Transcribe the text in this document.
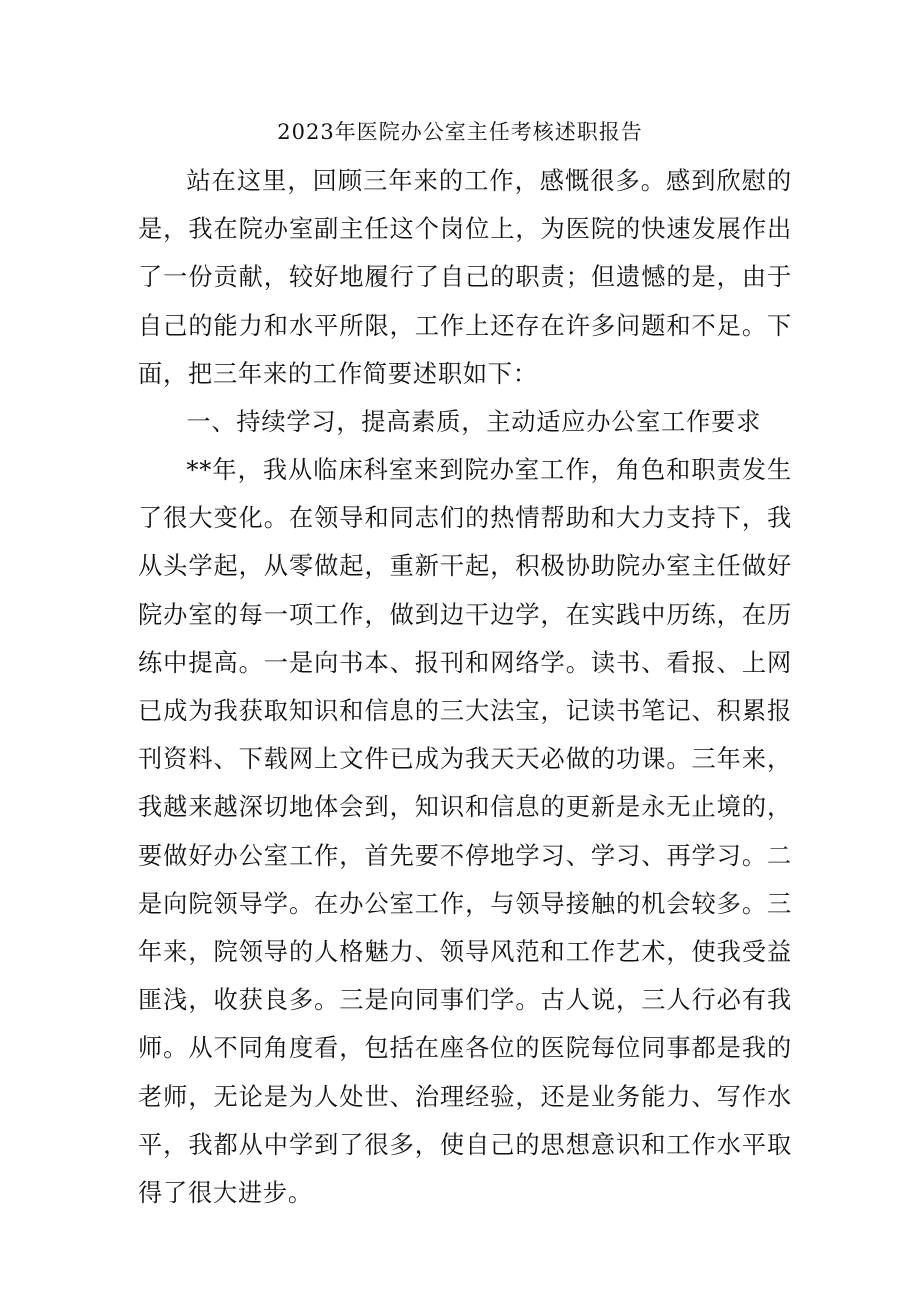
2023年医院办公室主任考核述职报告

站在这里，回顾三年来的工作，感慨很多。感到欣慰的是，我在院办室副主任这个岗位上，为医院的快速发展作出了一份贡献，较好地履行了自己的职责；但遗憾的是，由于自己的能力和水平所限，工作上还存在许多问题和不足。下面，把三年来的工作简要述职如下：

一、持续学习，提高素质，主动适应办公室工作要求

**年，我从临床科室来到院办室工作，角色和职责发生了很大变化。在领导和同志们的热情帮助和大力支持下，我从头学起，从零做起，重新干起，积极协助院办室主任做好院办室的每一项工作，做到边干边学，在实践中历练，在历练中提高。一是向书本、报刊和网络学。读书、看报、上网已成为我获取知识和信息的三大法宝，记读书笔记、积累报刊资料、下载网上文件已成为我天天必做的功课。三年来，我越来越深切地体会到，知识和信息的更新是永无止境的，要做好办公室工作，首先要不停地学习、学习、再学习。二是向院领导学。在办公室工作，与领导接触的机会较多。三年来，院领导的人格魅力、领导风范和工作艺术，使我受益匪浅，收获良多。三是向同事们学。古人说，三人行必有我师。从不同角度看，包括在座各位的医院每位同事都是我的老师，无论是为人处世、治理经验，还是业务能力、写作水平，我都从中学到了很多，使自己的思想意识和工作水平取得了很大进步。
